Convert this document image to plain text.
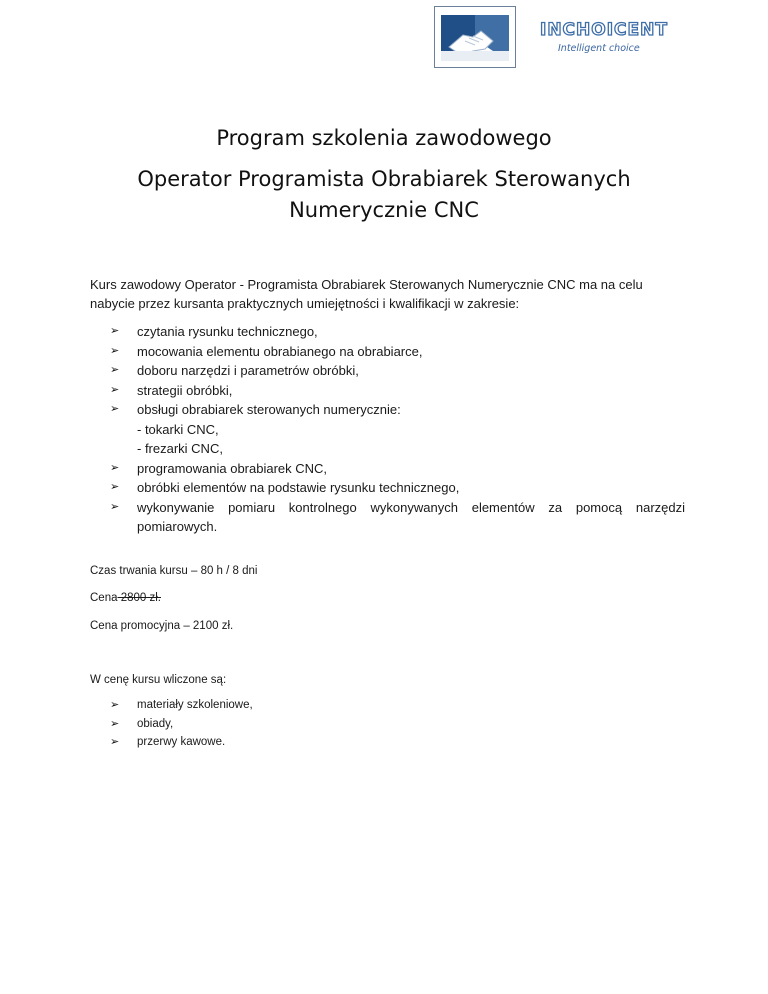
INCHOICENT
Intelligent choice
Program szkolenia zawodowego
Operator Programista Obrabiarek Sterowanych
Numerycznie CNC
Kurs zawodowy Operator - Programista Obrabiarek Sterowanych Numerycznie CNC ma na celu nabycie przez kursanta praktycznych umiejętności i kwalifikacji w zakresie:
➢ czytania rysunku technicznego,
➢ mocowania elementu obrabianego na obrabiarce,
➢ doboru narzędzi i parametrów obróbki,
➢ strategii obróbki,
➢ obsługi obrabiarek sterowanych numerycznie:
- tokarki CNC,
- frezarki CNC,
➢ programowania obrabiarek CNC,
➢ obróbki elementów na podstawie rysunku technicznego,
➢ wykonywanie pomiaru kontrolnego wykonywanych elementów za pomocą narzędzi pomiarowych.
Czas trwania kursu – 80 h / 8 dni
Cena 2800 zł.
Cena promocyjna – 2100 zł.
W cenę kursu wliczone są:
➢ materiały szkoleniowe,
➢ obiady,
➢ przerwy kawowe.
